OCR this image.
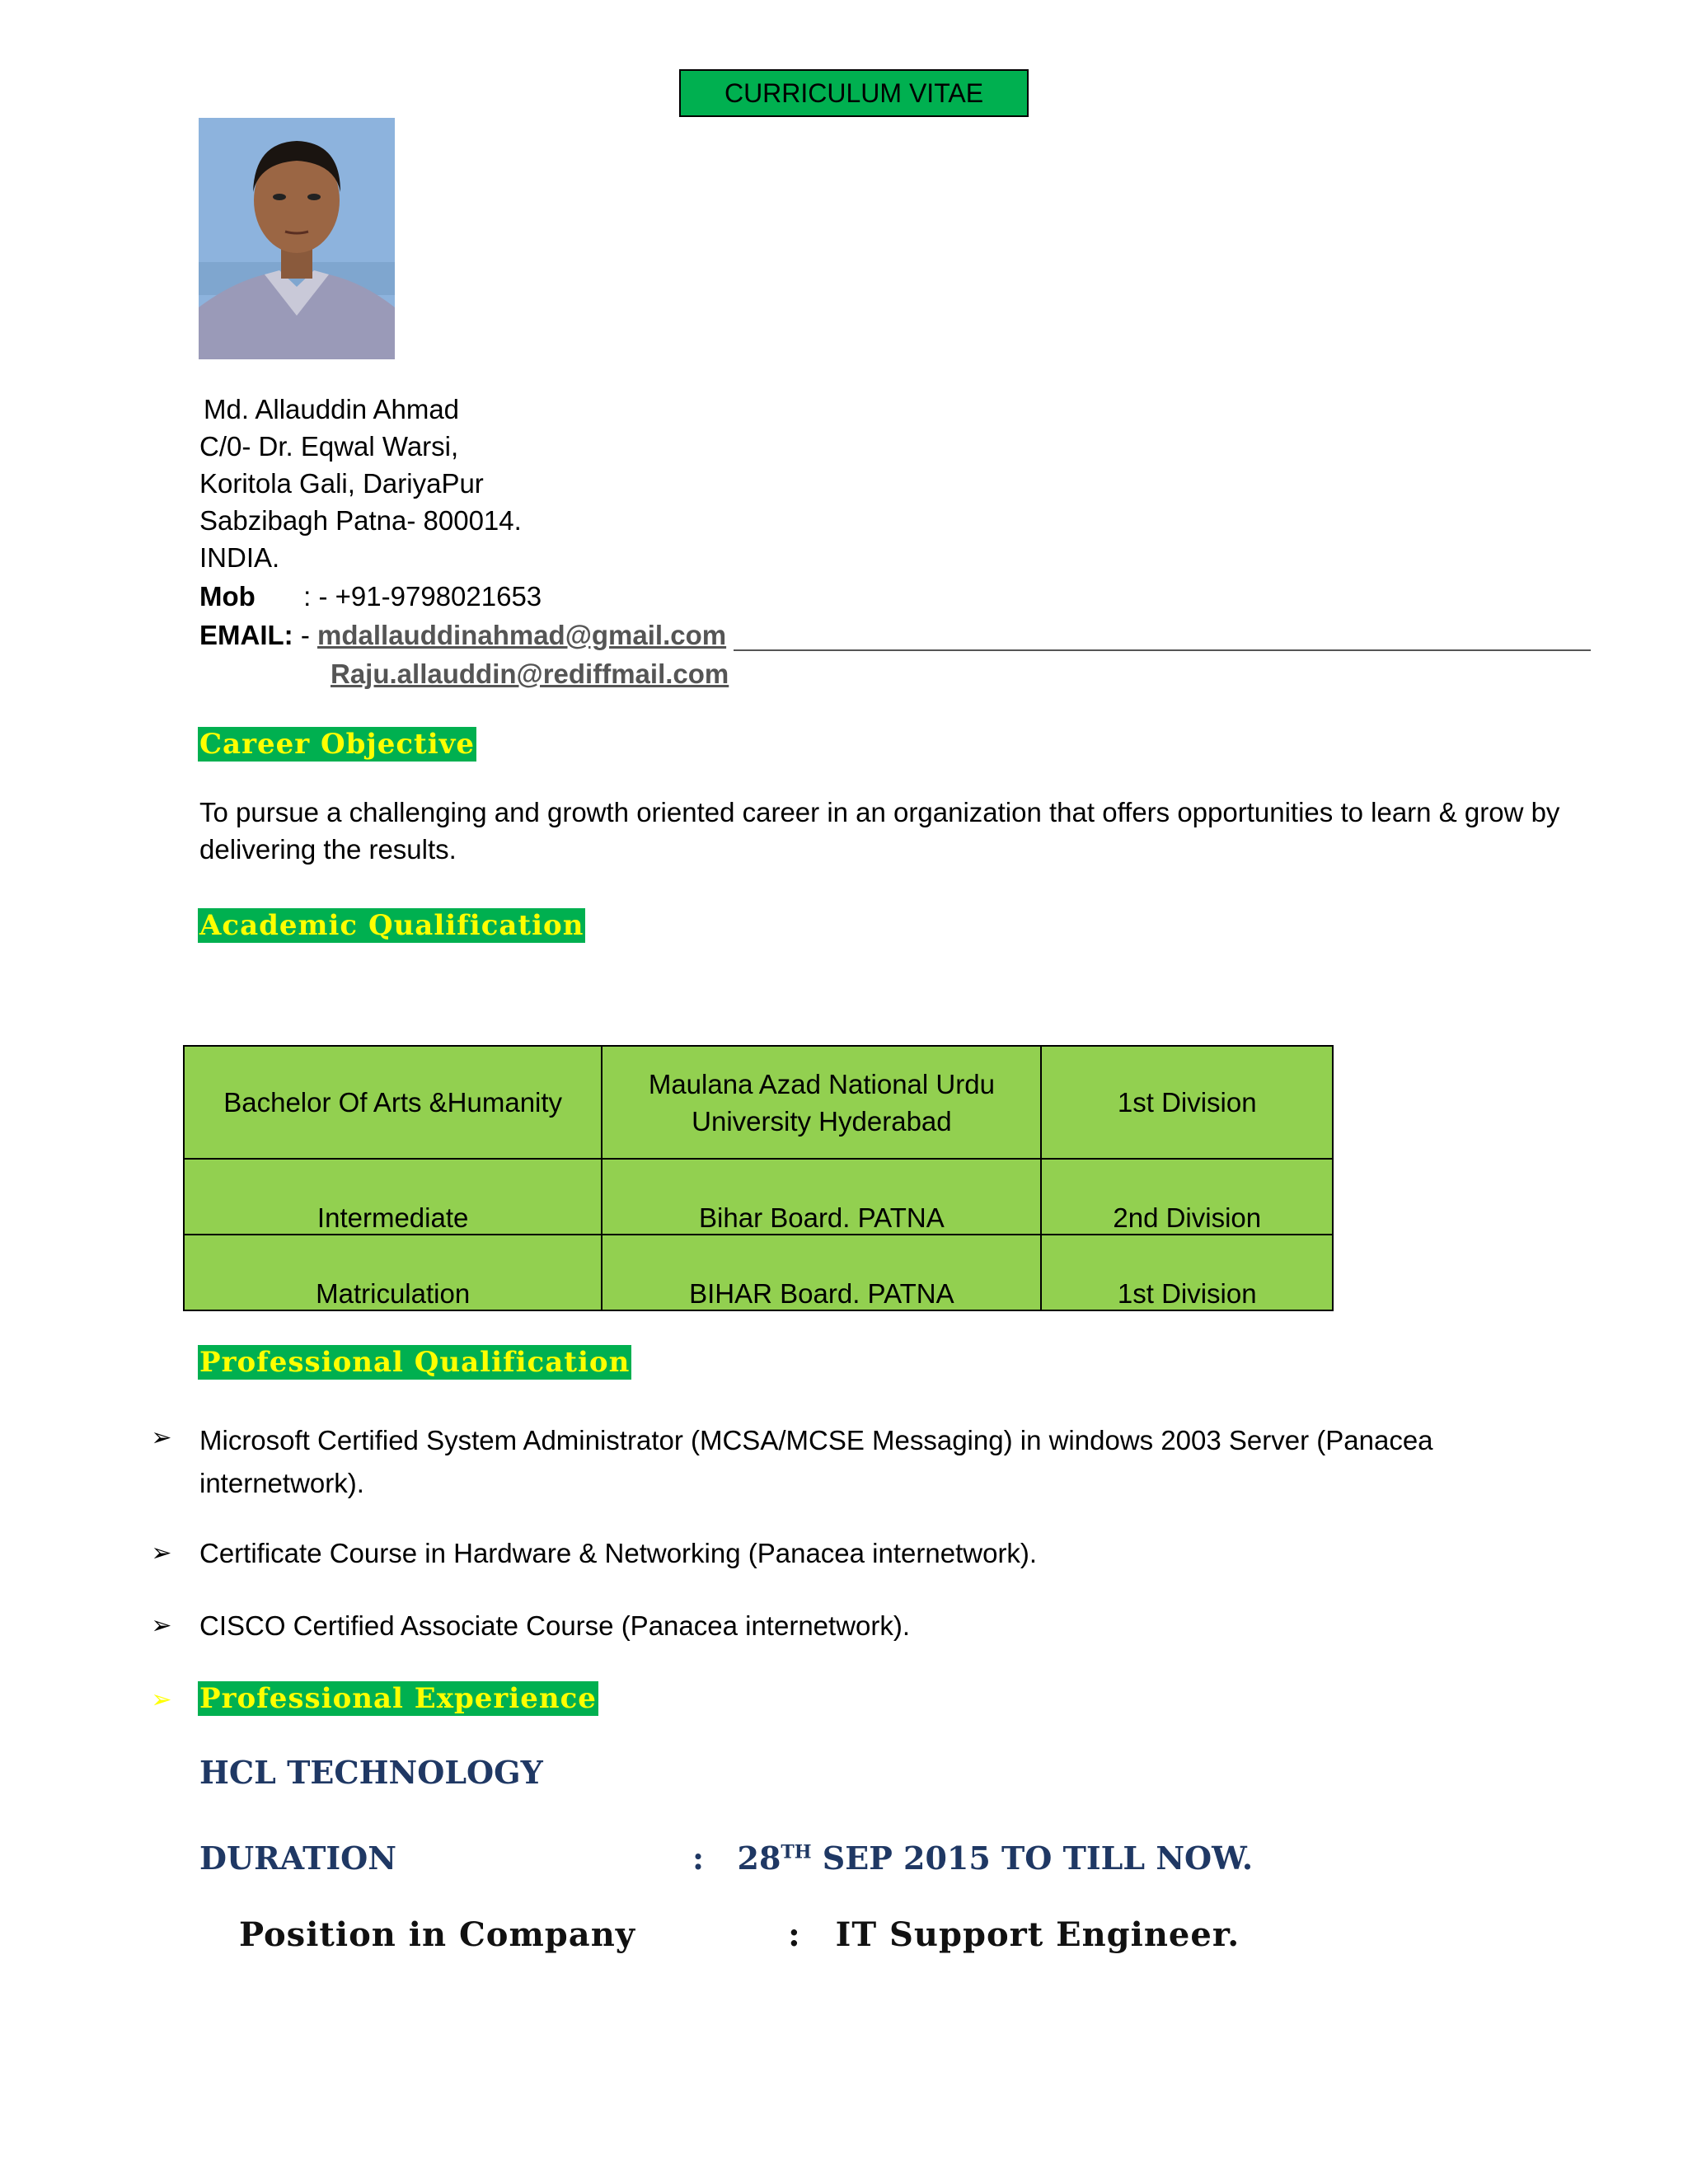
CURRICULUM VITAE
Md. Allauddin Ahmad
C/0- Dr. Eqwal Warsi,
Koritola Gali, DariyaPur
Sabzibagh Patna- 800014.
INDIA.
Mob : - +91-9798021653
EMAIL: - mdallauddinahmad@gmail.com
Raju.allauddin@rediffmail.com
Career Objective
To pursue a challenging and growth oriented career in an organization that offers opportunities to learn & grow by delivering the results.
Academic Qualification
Bachelor Of Arts &Humanity	Maulana Azad National Urdu University Hyderabad	1st Division
Intermediate	Bihar Board. PATNA	2nd Division
Matriculation	BIHAR Board. PATNA	1st Division
Professional Qualification
➢ Microsoft Certified System Administrator (MCSA/MCSE Messaging) in windows 2003 Server (Panacea internetwork).
➢ Certificate Course in Hardware & Networking (Panacea internetwork).
➢ CISCO Certified Associate Course (Panacea internetwork).
➢ Professional Experience
HCL TECHNOLOGY
DURATION	: 28TH SEP 2015 TO TILL NOW.
Position in Company	: IT Support Engineer.
